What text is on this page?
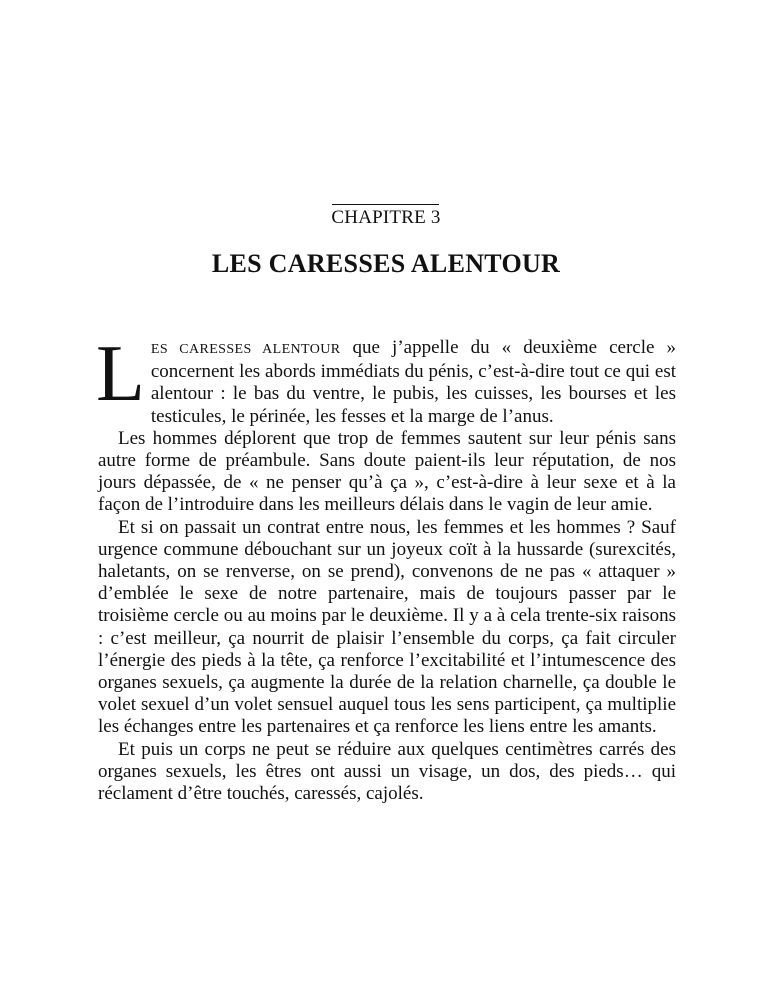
CHAPITRE 3
LES CARESSES ALENTOUR

LES CARESSES ALENTOUR que j’appelle du « deuxième cercle » concernent les abords immédiats du pénis, c’est-à-dire tout ce qui est alentour : le bas du ventre, le pubis, les cuisses, les bourses et les testicules, le périnée, les fesses et la marge de l’anus.

Les hommes déplorent que trop de femmes sautent sur leur pénis sans autre forme de préambule. Sans doute paient-ils leur réputation, de nos jours dépassée, de « ne penser qu’à ça », c’est-à-dire à leur sexe et à la façon de l’introduire dans les meilleurs délais dans le vagin de leur amie.

Et si on passait un contrat entre nous, les femmes et les hommes ? Sauf urgence commune débouchant sur un joyeux coït à la hussarde (surexcités, haletants, on se renverse, on se prend), convenons de ne pas « attaquer » d’emblée le sexe de notre partenaire, mais de toujours passer par le troisième cercle ou au moins par le deuxième. Il y a à cela trente-six raisons : c’est meilleur, ça nourrit de plaisir l’ensemble du corps, ça fait circuler l’énergie des pieds à la tête, ça renforce l’excitabilité et l’intumescence des organes sexuels, ça augmente la durée de la relation charnelle, ça double le volet sexuel d’un volet sensuel auquel tous les sens participent, ça multiplie les échanges entre les partenaires et ça renforce les liens entre les amants.

Et puis un corps ne peut se réduire aux quelques centimètres carrés des organes sexuels, les êtres ont aussi un visage, un dos, des pieds… qui réclament d’être touchés, caressés, cajolés.
